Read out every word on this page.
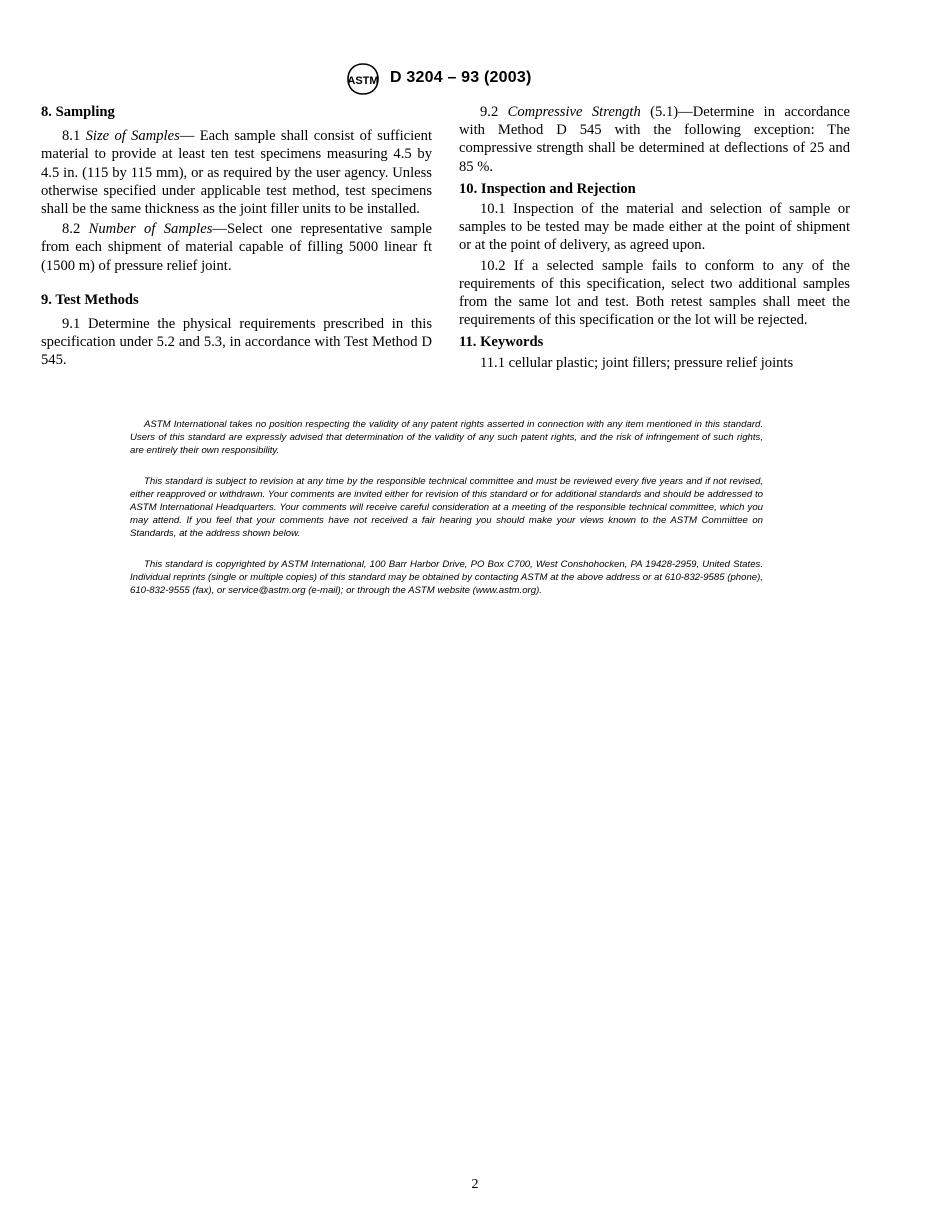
ASTM D 3204 – 93 (2003)
8. Sampling

8.1 Size of Samples— Each sample shall consist of sufficient material to provide at least ten test specimens measuring 4.5 by 4.5 in. (115 by 115 mm), or as required by the user agency. Unless otherwise specified under applicable test method, test specimens shall be the same thickness as the joint filler units to be installed.

8.2 Number of Samples—Select one representative sample from each shipment of material capable of filling 5000 linear ft (1500 m) of pressure relief joint.

9. Test Methods

9.1 Determine the physical requirements prescribed in this specification under 5.2 and 5.3, in accordance with Test Method D 545.

9.2 Compressive Strength (5.1)—Determine in accordance with Method D 545 with the following exception: The compressive strength shall be determined at deflections of 25 and 85 %.

10. Inspection and Rejection

10.1 Inspection of the material and selection of sample or samples to be tested may be made either at the point of shipment or at the point of delivery, as agreed upon.

10.2 If a selected sample fails to conform to any of the requirements of this specification, select two additional samples from the same lot and test. Both retest samples shall meet the requirements of this specification or the lot will be rejected.

11. Keywords

11.1 cellular plastic; joint fillers; pressure relief joints

ASTM International takes no position respecting the validity of any patent rights asserted in connection with any item mentioned in this standard. Users of this standard are expressly advised that determination of the validity of any such patent rights, and the risk of infringement of such rights, are entirely their own responsibility.

This standard is subject to revision at any time by the responsible technical committee and must be reviewed every five years and if not revised, either reapproved or withdrawn. Your comments are invited either for revision of this standard or for additional standards and should be addressed to ASTM International Headquarters. Your comments will receive careful consideration at a meeting of the responsible technical committee, which you may attend. If you feel that your comments have not received a fair hearing you should make your views known to the ASTM Committee on Standards, at the address shown below.

This standard is copyrighted by ASTM International, 100 Barr Harbor Drive, PO Box C700, West Conshohocken, PA 19428-2959, United States. Individual reprints (single or multiple copies) of this standard may be obtained by contacting ASTM at the above address or at 610-832-9585 (phone), 610-832-9555 (fax), or service@astm.org (e-mail); or through the ASTM website (www.astm.org).

2
